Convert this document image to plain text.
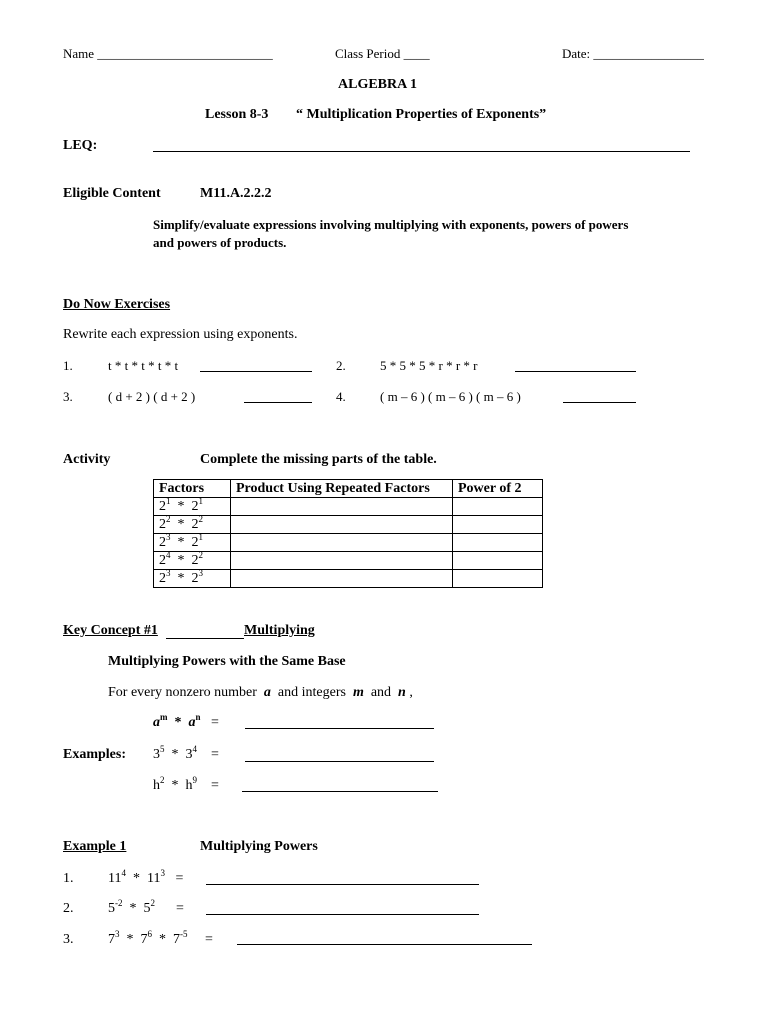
Name ___________________________	Class Period ____	Date: _________________
ALGEBRA 1
Lesson 8-3 “ Multiplication Properties of Exponents”
LEQ:
Eligible Content	M11.A.2.2.2
Simplify/evaluate expressions involving multiplying with exponents, powers of powers
and powers of products.
Do Now Exercises
Rewrite each expression using exponents.
1.	t * t * t * t * t	2.	5 * 5 * 5 * r * r * r
3.	( d + 2 ) ( d + 2 )	4.	( m – 6 ) ( m – 6 ) ( m – 6 )
Activity	Complete the missing parts of the table.
Factors	Product Using Repeated Factors	Power of 2
$2^1 * 2^1$		
$2^2 * 2^2$		
$2^3 * 2^1$		
$2^4 * 2^2$		
$2^3 * 2^3$		
Key Concept #1	Multiplying
Multiplying Powers with the Same Base
For every nonzero number a and integers m and n ,
$a^m * a^n$ =
Examples: $3^5 * 3^4$ =
$h^2 * h^9$ =
Example 1	Multiplying Powers
1. $11^4 * 11^3$ =
2. $5^{-2} * 5^2$ =
3. $7^3 * 7^6 * 7^{-5}$ =
